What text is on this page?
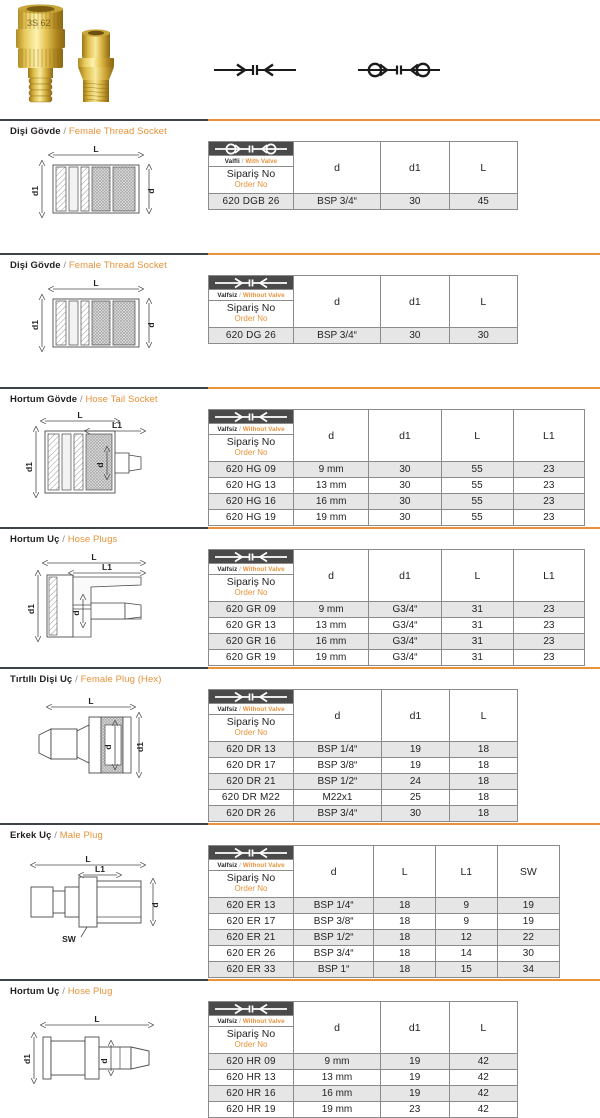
3S 62
Dişi Gövde / Female Thread Socket
L
d1	d
	d	d1	L
Valfli / With Valve			

Sipariş No
Order No			

620 DGB 26	BSP 3/4“	30	45
Dişi Gövde / Female Thread Socket
L
d1	d
	d	d1	L
Valfsiz / Without Valve			

Sipariş No
Order No			

620 DG 26	BSP 3/4“	30	30
Hortum Gövde / Hose Tail Socket
L
L1
d1	d
	d	d1	L	L1
Valfsiz / Without Valve				

Sipariş No
Order No				

620 HG 09	9 mm	30	55	23
620 HG 13	13 mm	30	55	23
620 HG 16	16 mm	30	55	23
620 HG 19	19 mm	30	55	23
Hortum Uç / Hose Plugs
L
L1
d1	d
	d	d1	L	L1
Valfsiz / Without Valve				

Sipariş No
Order No				

620 GR 09	9 mm	G3/4“	31	23
620 GR 13	13 mm	G3/4“	31	23
620 GR 16	16 mm	G3/4“	31	23
620 GR 19	19 mm	G3/4“	31	23
Tırtıllı Dişi Uç / Female Plug (Hex)
L
d	d1
	d	d1	L
Valfsiz / Without Valve			

Sipariş No
Order No			

620 DR 13	BSP 1/4“	19	18
620 DR 17	BSP 3/8“	19	18
620 DR 21	BSP 1/2“	24	18
620 DR M22	M22x1	25	18
620 DR 26	BSP 3/4“	30	18
Erkek Uç / Male Plug
L
L1
d
SW
	d	L	L1	SW
Valfsiz / Without Valve				

Sipariş No
Order No				

620 ER 13	BSP 1/4“	18	9	19
620 ER 17	BSP 3/8“	18	9	19
620 ER 21	BSP 1/2“	18	12	22
620 ER 26	BSP 3/4“	18	14	30
620 ER 33	BSP 1“	18	15	34
Hortum Uç / Hose Plug
L
d1	d
	d	d1	L
Valfsiz / Without Valve			

Sipariş No
Order No			

620 HR 09	9 mm	19	42
620 HR 13	13 mm	19	42
620 HR 16	16 mm	19	42
620 HR 19	19 mm	23	42
